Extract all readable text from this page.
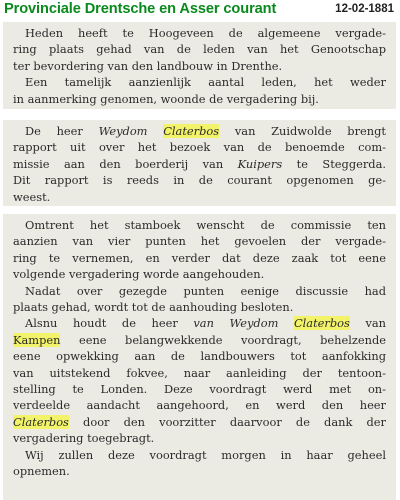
Provinciale Drentsche en Asser courant	12-02-1881
Heden heeft te Hoogeveen de algemeene vergade-
ring plaats gehad van de leden van het Genootschap
ter bevordering van den landbouw in Drenthe.
Een tamelijk aanzienlijk aantal leden, het weder
in aanmerking genomen, woonde de vergadering bij.
De heer Weydom Claterbos van Zuidwolde brengt
rapport uit over het bezoek van de benoemde com-
missie aan den boerderij van Kuipers te Steggerda.
Dit rapport is reeds in de courant opgenomen ge-
weest.
Omtrent het stamboek wenscht de commissie ten
aanzien van vier punten het gevoelen der vergade-
ring te vernemen, en verder dat deze zaak tot eene
volgende vergadering worde aangehouden.
Nadat over gezegde punten eenige discussie had
plaats gehad, wordt tot de aanhouding besloten.
Alsnu houdt de heer van Weydom Claterbos van
Kampen eene belangwekkende voordragt, behelzende
eene opwekking aan de landbouwers tot aanfokking
van uitstekend fokvee, naar aanleiding der tentoon-
stelling te Londen. Deze voordragt werd met on-
verdeelde aandacht aangehoord, en werd den heer
Claterbos door den voorzitter daarvoor de dank der
vergadering toegebragt.
Wij zullen deze voordragt morgen in haar geheel
opnemen.
